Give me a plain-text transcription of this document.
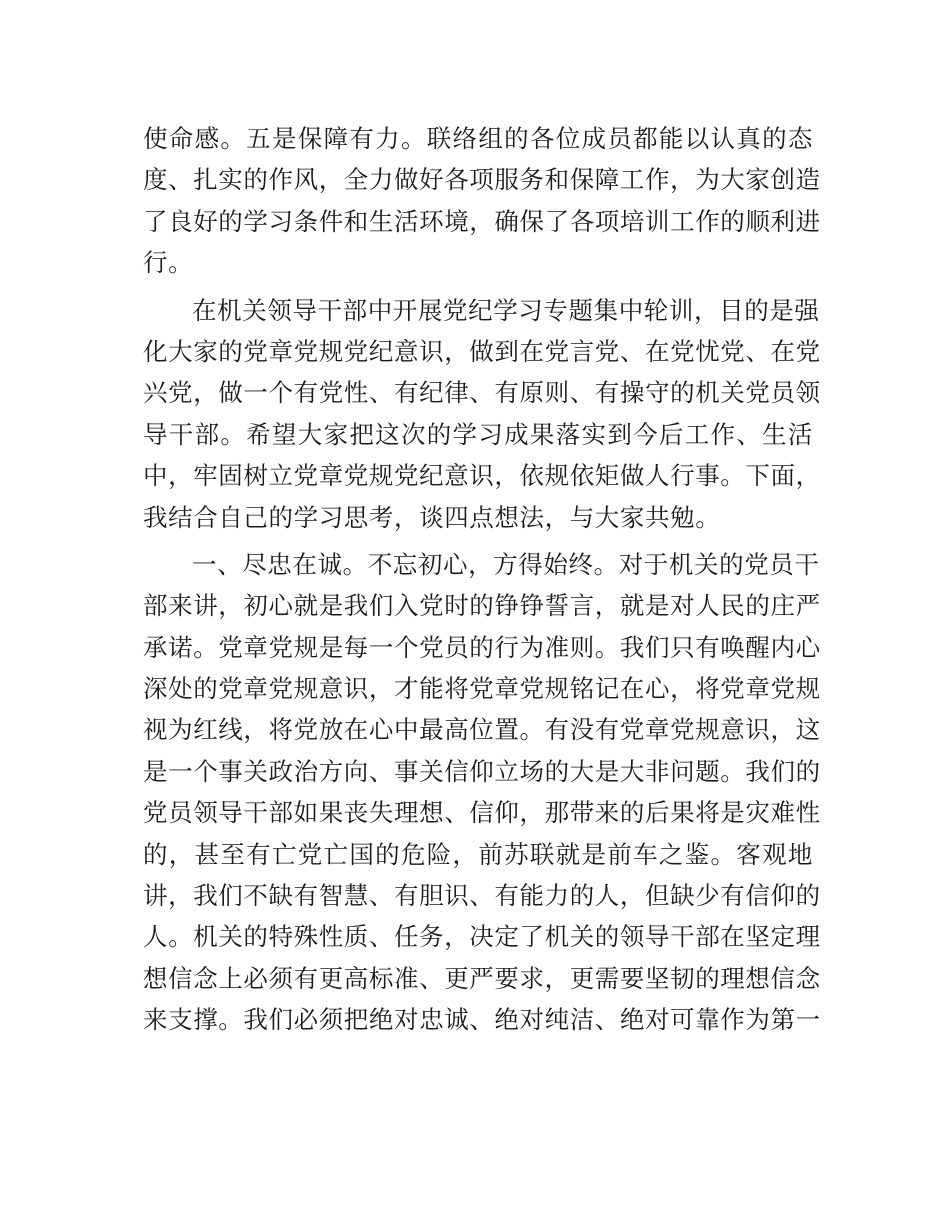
使命感。五是保障有力。联络组的各位成员都能以认真的态
度、扎实的作风，全力做好各项服务和保障工作，为大家创造
了良好的学习条件和生活环境，确保了各项培训工作的顺利进
行。
在机关领导干部中开展党纪学习专题集中轮训，目的是强
化大家的党章党规党纪意识，做到在党言党、在党忧党、在党
兴党，做一个有党性、有纪律、有原则、有操守的机关党员领
导干部。希望大家把这次的学习成果落实到今后工作、生活
中，牢固树立党章党规党纪意识，依规依矩做人行事。下面，
我结合自己的学习思考，谈四点想法，与大家共勉。
一、尽忠在诚。不忘初心，方得始终。对于机关的党员干
部来讲，初心就是我们入党时的铮铮誓言，就是对人民的庄严
承诺。党章党规是每一个党员的行为准则。我们只有唤醒内心
深处的党章党规意识，才能将党章党规铭记在心，将党章党规
视为红线，将党放在心中最高位置。有没有党章党规意识，这
是一个事关政治方向、事关信仰立场的大是大非问题。我们的
党员领导干部如果丧失理想、信仰，那带来的后果将是灾难性
的，甚至有亡党亡国的危险，前苏联就是前车之鉴。客观地
讲，我们不缺有智慧、有胆识、有能力的人，但缺少有信仰的
人。机关的特殊性质、任务，决定了机关的领导干部在坚定理
想信念上必须有更高标准、更严要求，更需要坚韧的理想信念
来支撑。我们必须把绝对忠诚、绝对纯洁、绝对可靠作为第一
